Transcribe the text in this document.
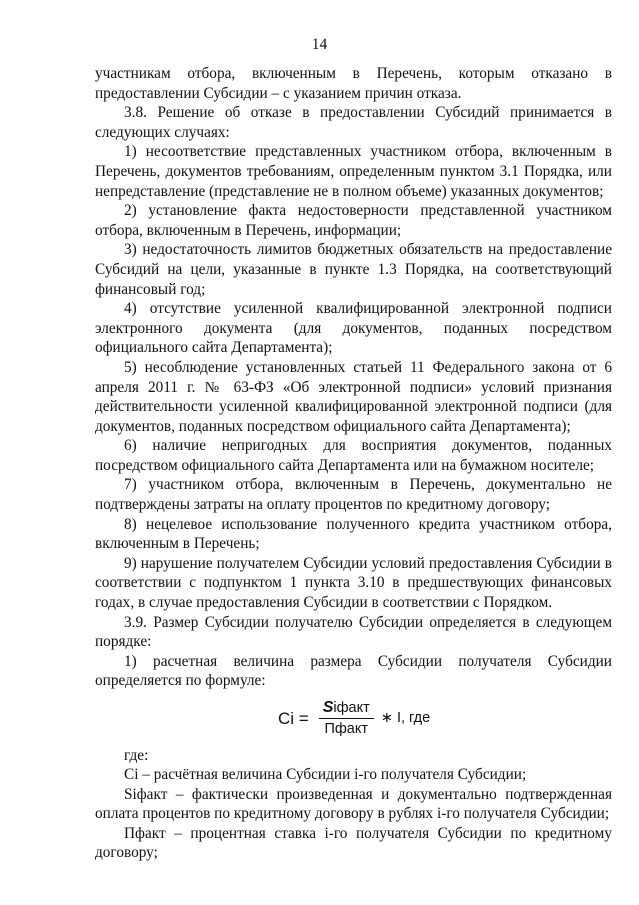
14

участникам отбора, включенным в Перечень, которым отказано в предоставлении Субсидии – с указанием причин отказа.

3.8. Решение об отказе в предоставлении Субсидий принимается в следующих случаях:

1) несоответствие представленных участником отбора, включенным в Перечень, документов требованиям, определенным пунктом 3.1 Порядка, или непредставление (представление не в полном объеме) указанных документов;

2) установление факта недостоверности представленной участником отбора, включенным в Перечень, информации;

3) недостаточность лимитов бюджетных обязательств на предоставление Субсидий на цели, указанные в пункте 1.3 Порядка, на соответствующий финансовый год;

4) отсутствие усиленной квалифицированной электронной подписи электронного документа (для документов, поданных посредством официального сайта Департамента);

5) несоблюдение установленных статьей 11 Федерального закона от 6 апреля 2011 г. № 63-ФЗ «Об электронной подписи» условий признания действительности усиленной квалифицированной электронной подписи (для документов, поданных посредством официального сайта Департамента);

6) наличие непригодных для восприятия документов, поданных посредством официального сайта Департамента или на бумажном носителе;

7) участником отбора, включенным в Перечень, документально не подтверждены затраты на оплату процентов по кредитному договору;

8) нецелевое использование полученного кредита участником отбора, включенным в Перечень;

9) нарушение получателем Субсидии условий предоставления Субсидии в соответствии с подпунктом 1 пункта 3.10 в предшествующих финансовых годах, в случае предоставления Субсидии в соответствии с Порядком.

3.9. Размер Субсидии получателю Субсидии определяется в следующем порядке:

1) расчетная величина размера Субсидии получателя Субсидии определяется по формуле:

$Ci = \frac{\text{Siфакт}}{\text{Пфакт}}$ ∗ I, где

где:

Ci – расчётная величина Субсидии i-го получателя Субсидии;

Siфакт – фактически произведенная и документально подтвержденная оплата процентов по кредитному договору в рублях i-го получателя Субсидии;

Пфакт – процентная ставка i-го получателя Субсидии по кредитному договору;
